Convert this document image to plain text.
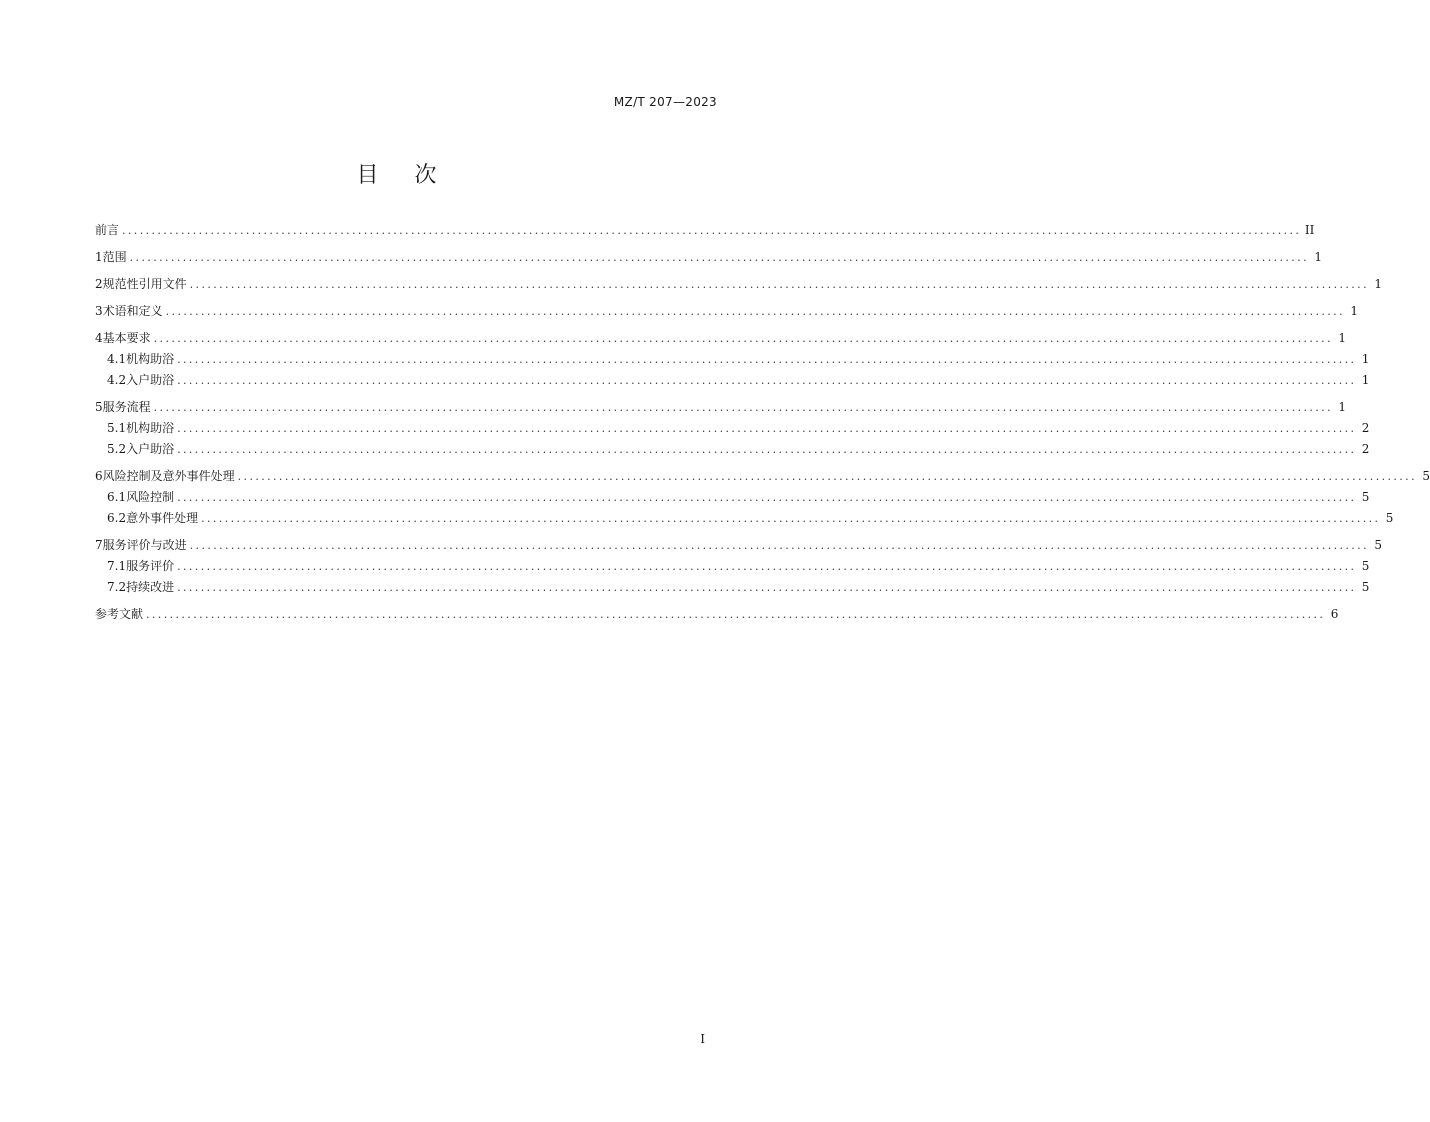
MZ/T 207—2023
目次
前言 ........................................................................................................................................................................................................ II
1 范围 ........................................................................................................................................................................................................ 1
2 规范性引用文件 ........................................................................................................................................................................................................ 1
3 术语和定义 ........................................................................................................................................................................................................ 1
4 基本要求 ........................................................................................................................................................................................................ 1
4.1 机构助浴 ........................................................................................................................................................................................................ 1
4.2 入户助浴 ........................................................................................................................................................................................................ 1
5 服务流程 ........................................................................................................................................................................................................ 1
5.1 机构助浴 ........................................................................................................................................................................................................ 2
5.2 入户助浴 ........................................................................................................................................................................................................ 2
6 风险控制及意外事件处理 ........................................................................................................................................................................................................ 5
6.1 风险控制 ........................................................................................................................................................................................................ 5
6.2 意外事件处理 ........................................................................................................................................................................................................ 5
7 服务评价与改进 ........................................................................................................................................................................................................ 5
7.1 服务评价 ........................................................................................................................................................................................................ 5
7.2 持续改进 ........................................................................................................................................................................................................ 5
参考文献 ........................................................................................................................................................................................................ 6
I
